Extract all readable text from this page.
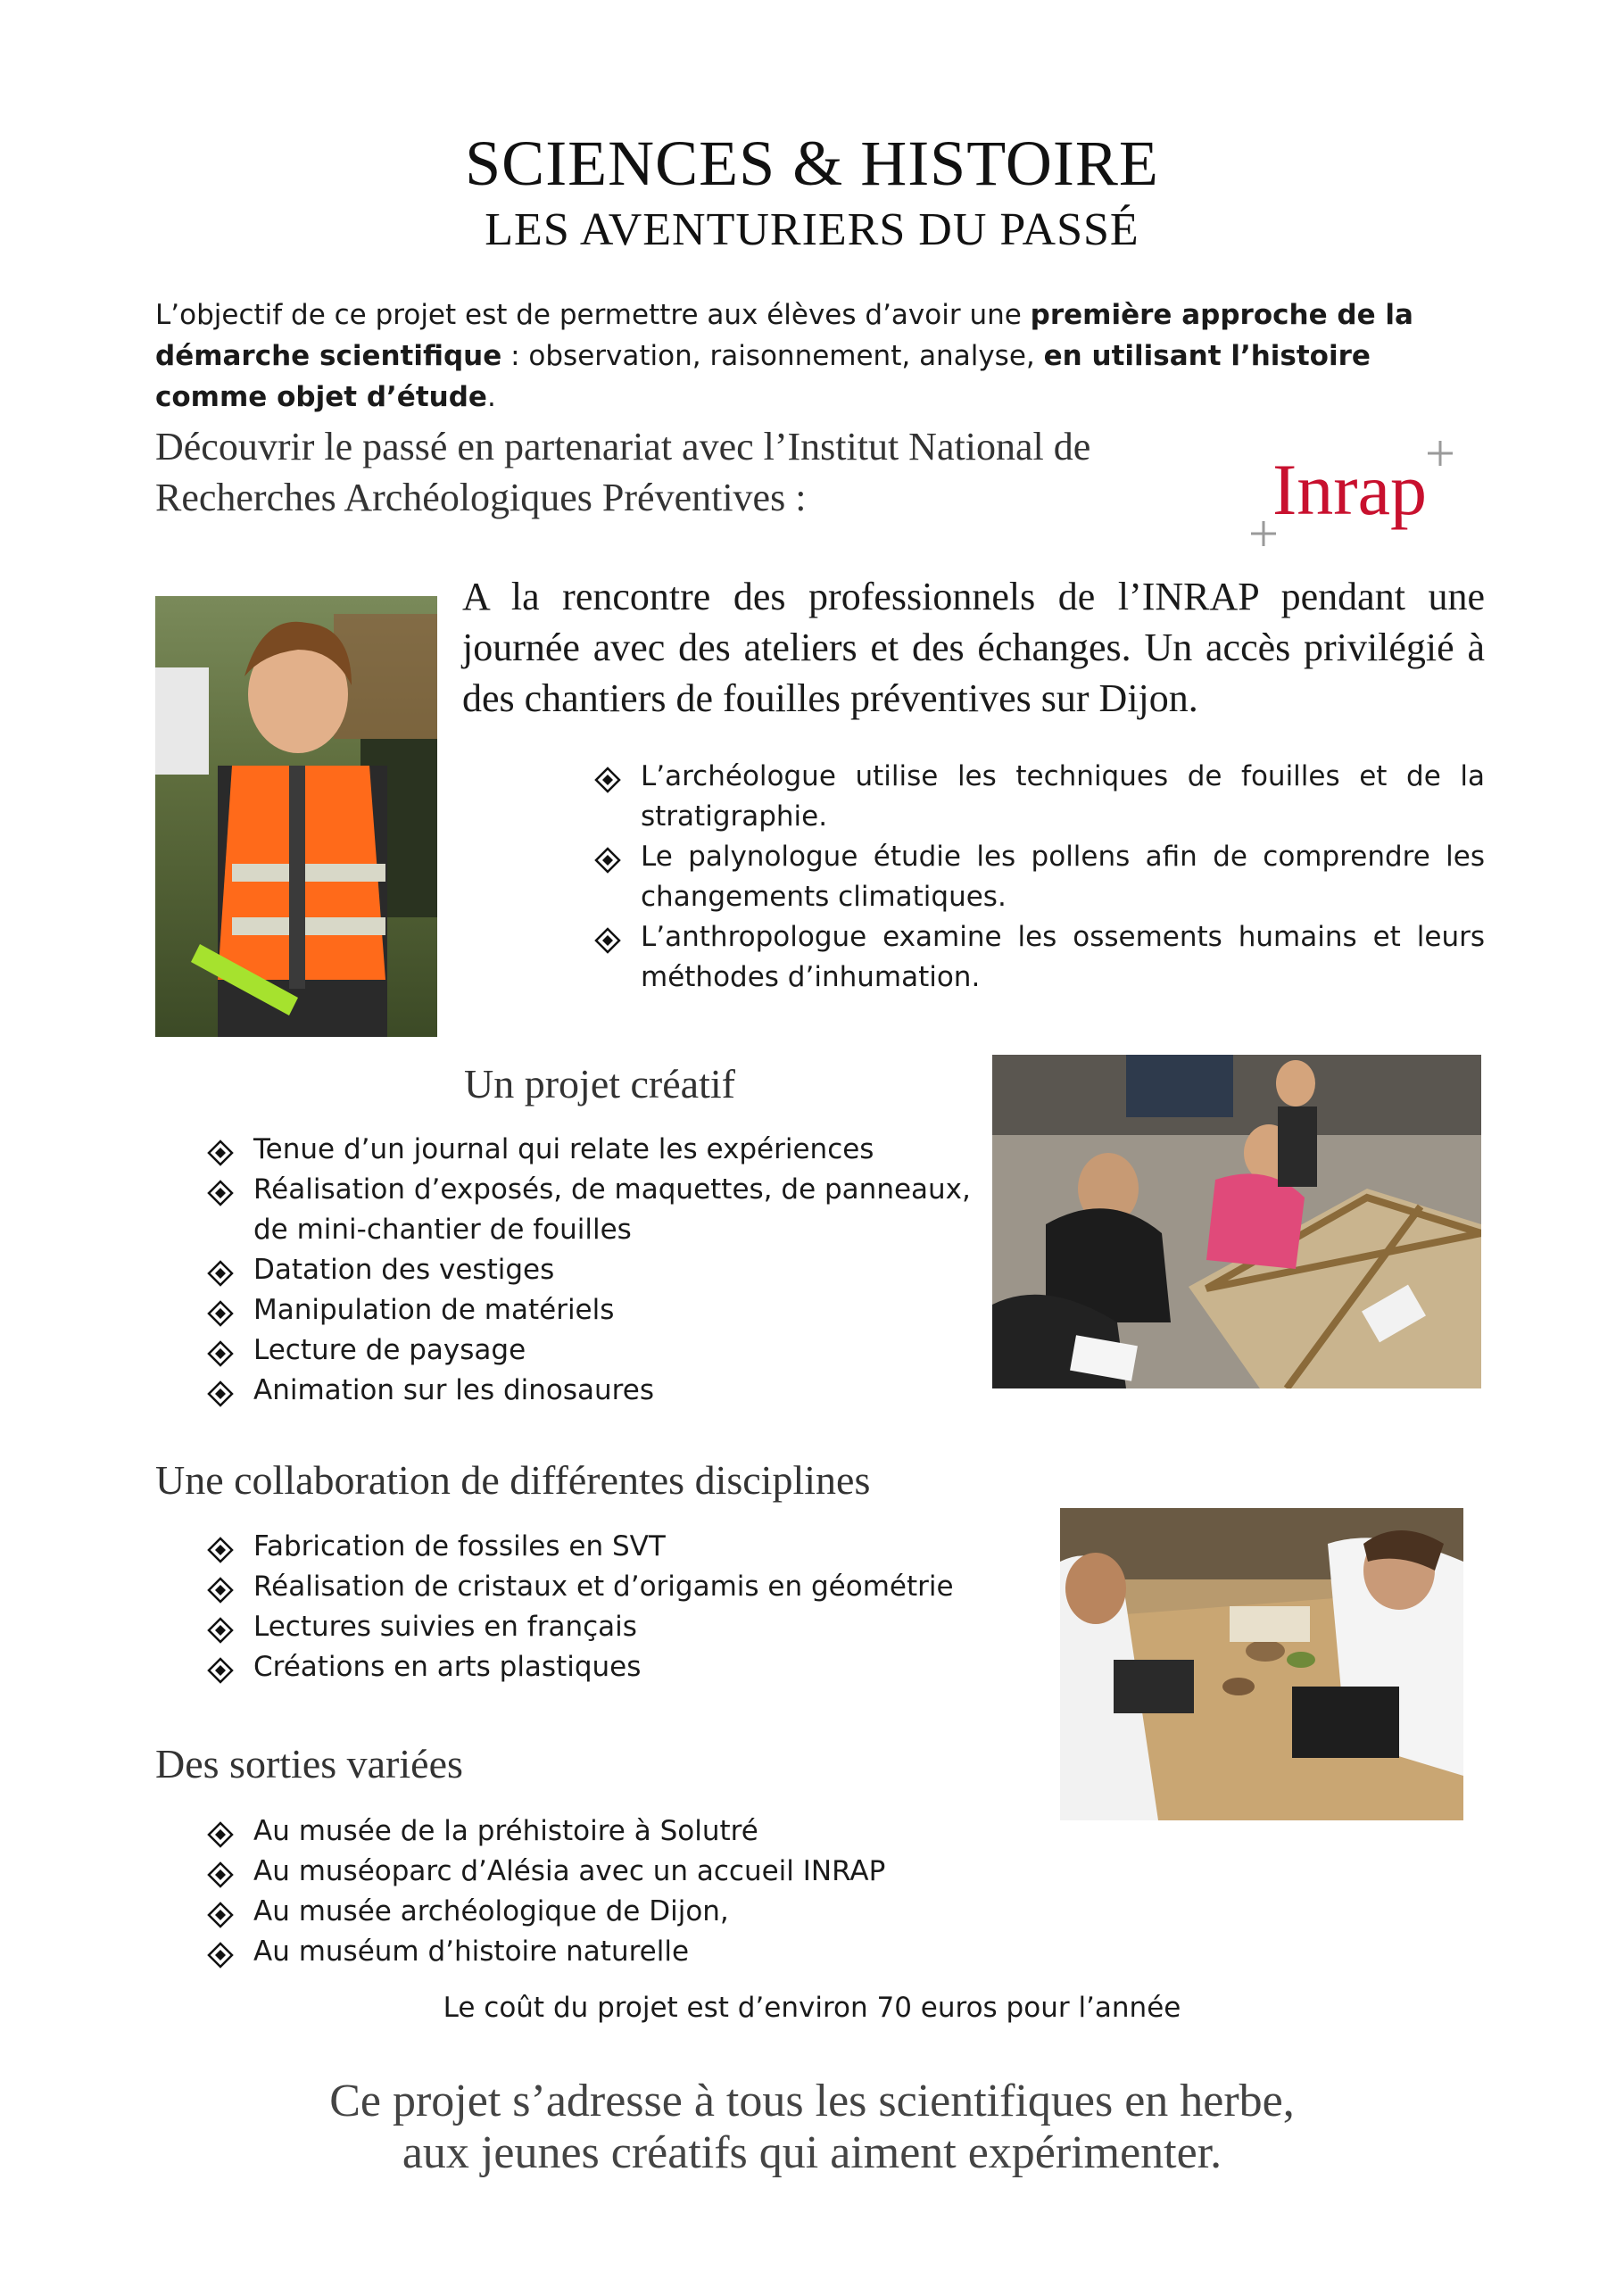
SCIENCES & HISTOIRE
LES AVENTURIERS DU PASSÉ
L’objectif de ce projet est de permettre aux élèves d’avoir une première approche de la démarche scientifique : observation, raisonnement, analyse, en utilisant l’histoire comme objet d’étude.
Découvrir le passé en partenariat avec l’Institut National de Recherches Archéologiques Préventives :	Inrap
A la rencontre des professionnels de l’INRAP pendant une journée avec des ateliers et des échanges. Un accès privilégié à des chantiers de fouilles préventives sur Dijon.
L’archéologue utilise les techniques de fouilles et de la stratigraphie.
Le palynologue étudie les pollens afin de comprendre les changements climatiques.
L’anthropologue examine les ossements humains et leurs méthodes d’inhumation.
Un projet créatif
Tenue d’un journal qui relate les expériences
Réalisation d’exposés, de maquettes, de panneaux, de mini-chantier de fouilles
Datation des vestiges
Manipulation de matériels
Lecture de paysage
Animation sur les dinosaures
Une collaboration de différentes disciplines
Fabrication de fossiles en SVT
Réalisation de cristaux et d’origamis en géométrie
Lectures suivies en français
Créations en arts plastiques
Des sorties variées
Au musée de la préhistoire à Solutré
Au muséoparc d’Alésia avec un accueil INRAP
Au musée archéologique de Dijon,
Au muséum d’histoire naturelle
Le coût du projet est d’environ 70 euros pour l’année
Ce projet s’adresse à tous les scientifiques en herbe,
aux jeunes créatifs qui aiment expérimenter.
